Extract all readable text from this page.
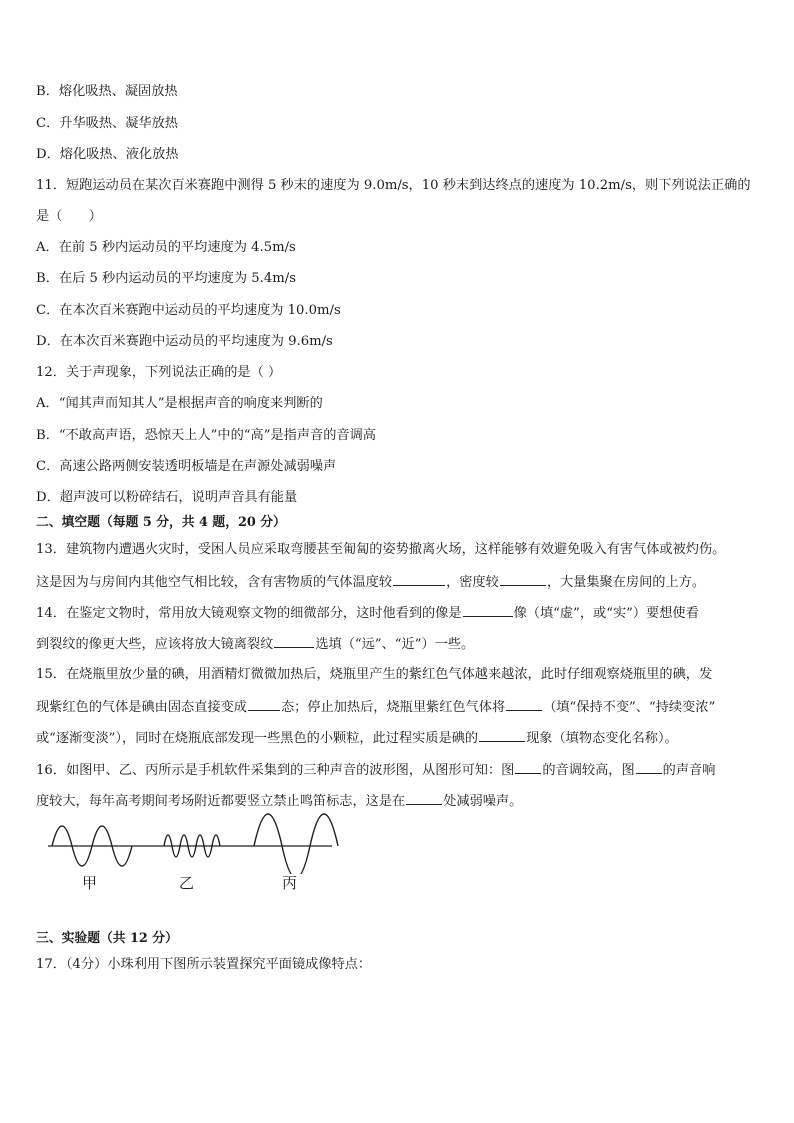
B．熔化吸热、凝固放热
C．升华吸热、凝华放热
D．熔化吸热、液化放热
11．短跑运动员在某次百米赛跑中测得 5 秒末的速度为 9.0m/s，10 秒末到达终点的速度为 10.2m/s，则下列说法正确的
是（　　）
A．在前 5 秒内运动员的平均速度为 4.5m/s
B．在后 5 秒内运动员的平均速度为 5.4m/s
C．在本次百米赛跑中运动员的平均速度为 10.0m/s
D．在本次百米赛跑中运动员的平均速度为 9.6m/s
12．关于声现象，下列说法正确的是（ ）
A．“闻其声而知其人”是根据声音的响度来判断的
B．“不敢高声语，恐惊天上人”中的“高”是指声音的音调高
C．高速公路两侧安装透明板墙是在声源处减弱噪声
D．超声波可以粉碎结石，说明声音具有能量
二、填空题（每题 5 分，共 4 题，20 分）
13．建筑物内遭遇火灾时，受困人员应采取弯腰甚至匍匐的姿势撤离火场，这样能够有效避免吸入有害气体或被灼伤。
这是因为与房间内其他空气相比较，含有害物质的气体温度较	，密度较	，大量集聚在房间的上方。
14．在鉴定文物时，常用放大镜观察文物的细微部分，这时他看到的像是	像（填“虚”，或“实”）要想使看
到裂纹的像更大些，应该将放大镜离裂纹	选填（“远”、“近”）一些。
15．在烧瓶里放少量的碘，用酒精灯微微加热后，烧瓶里产生的紫红色气体越来越浓，此时仔细观察烧瓶里的碘，发
现紫红色的气体是碘由固态直接变成	态；停止加热后，烧瓶里紫红色气体将	（填“保持不变”、“持续变浓”
或“逐渐变淡”），同时在烧瓶底部发现一些黑色的小颗粒，此过程实质是碘的	现象（填物态变化名称）。
16．如图甲、乙、丙所示是手机软件采集到的三种声音的波形图，从图形可知：图 的音调较高，图 的声音响
度较大，每年高考期间考场附近都要竖立禁止鸣笛标志，这是在	处减弱噪声。
甲	乙	丙
三、实验题（共 12 分）
17．（4分）小珠利用下图所示装置探究平面镜成像特点：
